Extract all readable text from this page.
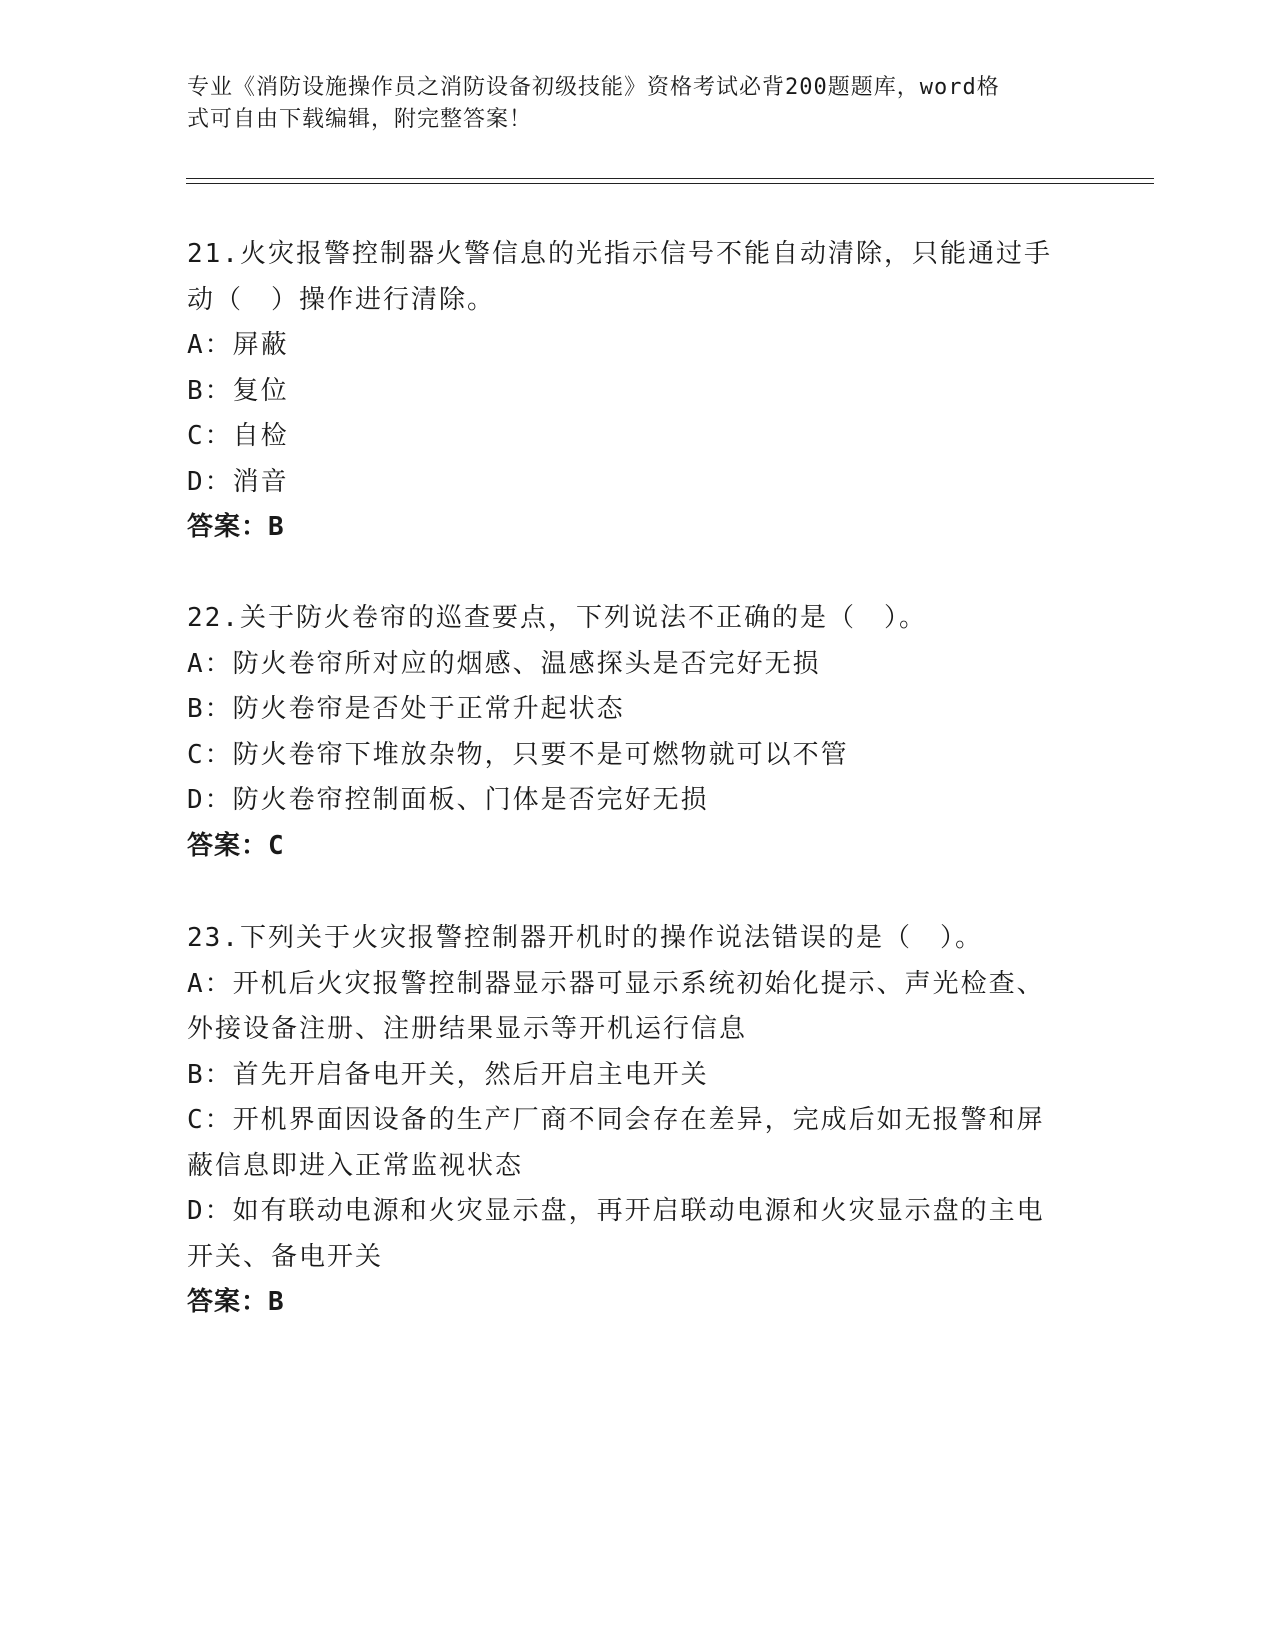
专业《消防设施操作员之消防设备初级技能》资格考试必背200题题库，word格
式可自由下载编辑，附完整答案！
21.火灾报警控制器火警信息的光指示信号不能自动清除，只能通过手
动（　）操作进行清除。
A：屏蔽
B：复位
C：自检
D：消音
答案：B
22.关于防火卷帘的巡查要点，下列说法不正确的是（　）。
A：防火卷帘所对应的烟感、温感探头是否完好无损
B：防火卷帘是否处于正常升起状态
C：防火卷帘下堆放杂物，只要不是可燃物就可以不管
D：防火卷帘控制面板、门体是否完好无损
答案：C
23.下列关于火灾报警控制器开机时的操作说法错误的是（　）。
A：开机后火灾报警控制器显示器可显示系统初始化提示、声光检查、
外接设备注册、注册结果显示等开机运行信息
B：首先开启备电开关，然后开启主电开关
C：开机界面因设备的生产厂商不同会存在差异，完成后如无报警和屏
蔽信息即进入正常监视状态
D：如有联动电源和火灾显示盘，再开启联动电源和火灾显示盘的主电
开关、备电开关
答案：B
